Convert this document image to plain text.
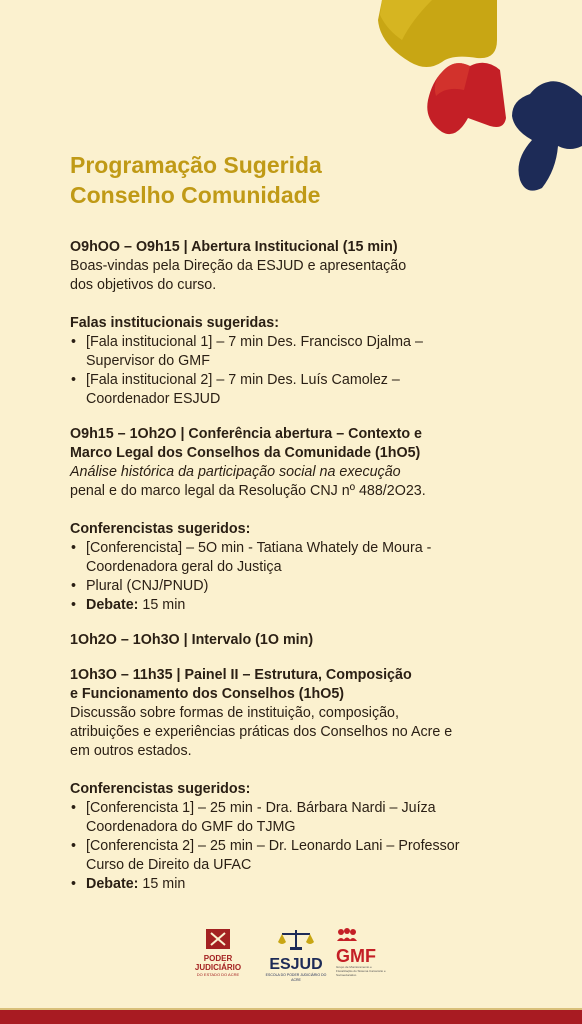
Programação Sugerida
Conselho Comunidade

O9hOO – O9h15 | Abertura Institucional (15 min)

Boas-vindas pela Direção da ESJUD e apresentação

dos objetivos do curso.

Falas institucionais sugeridas:

• [Fala institucional 1] – 7 min Des. Francisco Djalma –
Supervisor do GMF
• [Fala institucional 2] – 7 min Des. Luís Camolez –
Coordenador ESJUD

O9h15 – 1Oh2O | Conferência abertura – Contexto e

Marco Legal dos Conselhos da Comunidade (1hO5)

Análise histórica da participação social na execução

penal e do marco legal da Resolução CNJ nº 488/2O23.

Conferencistas sugeridos:

• [Conferencista] – 5O min - Tatiana Whately de Moura -
Coordenadora geral do Justiça
• Plural (CNJ/PNUD)
• Debate: 15 min

1Oh2O – 1Oh3O | Intervalo (1O min)

1Oh3O – 11h35 | Painel II – Estrutura, Composição

e Funcionamento dos Conselhos (1hO5)

Discussão sobre formas de instituição, composição,

atribuições e experiências práticas dos Conselhos no Acre e

em outros estados.

Conferencistas sugeridos:

• [Conferencista 1] – 25 min - Dra. Bárbara Nardi – Juíza
Coordenadora do GMF do TJMG
• [Conferencista 2] – 25 min – Dr. Leonardo Lani – Professor
Curso de Direito da UFAC
• Debate: 15 min
PODER
JUDICIÁRIO
DO ESTADO DO ACRE
ESJUD
ESCOLA DO PODER JUDICIÁRIO DO ACRE
GMF
Grupo de Monitoramento e Fiscalização do Sistema Carcerário e Socioeducativo
